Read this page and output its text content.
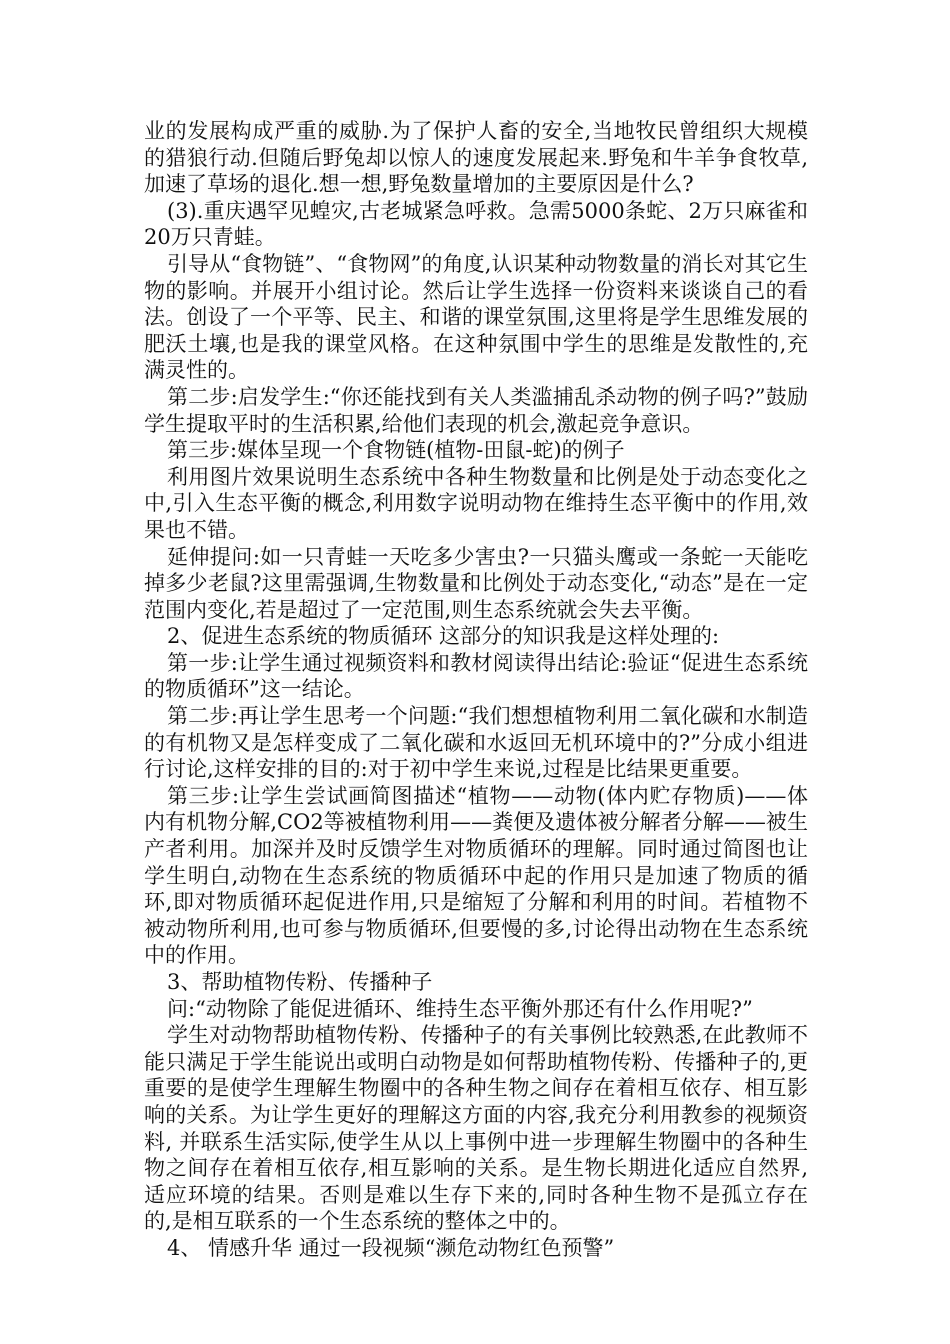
业的发展构成严重的威胁.为了保护人畜的安全,当地牧民曾组织大规模的猎狼行动.但随后野兔却以惊人的速度发展起来.野兔和牛羊争食牧草,加速了草场的退化.想一想,野兔数量增加的主要原因是什么?

(3).重庆遇罕见蝗灾,古老城紧急呼救。急需5000条蛇、2万只麻雀和20万只青蛙。

引导从“食物链”、“食物网”的角度,认识某种动物数量的消长对其它生物的影响。并展开小组讨论。然后让学生选择一份资料来谈谈自己的看法。创设了一个平等、民主、和谐的课堂氛围,这里将是学生思维发展的肥沃土壤,也是我的课堂风格。在这种氛围中学生的思维是发散性的,充满灵性的。

第二步:启发学生:“你还能找到有关人类滥捕乱杀动物的例子吗?”鼓励学生提取平时的生活积累,给他们表现的机会,激起竞争意识。

第三步:媒体呈现一个食物链(植物-田鼠-蛇)的例子

利用图片效果说明生态系统中各种生物数量和比例是处于动态变化之中,引入生态平衡的概念,利用数字说明动物在维持生态平衡中的作用,效果也不错。

延伸提问:如一只青蛙一天吃多少害虫?一只猫头鹰或一条蛇一天能吃掉多少老鼠?这里需强调,生物数量和比例处于动态变化,“动态”是在一定范围内变化,若是超过了一定范围,则生态系统就会失去平衡。

2、促进生态系统的物质循环 这部分的知识我是这样处理的:

第一步:让学生通过视频资料和教材阅读得出结论:验证“促进生态系统的物质循环”这一结论。

第二步:再让学生思考一个问题:“我们想想植物利用二氧化碳和水制造的有机物又是怎样变成了二氧化碳和水返回无机环境中的?”分成小组进行讨论,这样安排的目的:对于初中学生来说,过程是比结果更重要。

第三步:让学生尝试画简图描述“植物——动物(体内贮存物质)——体内有机物分解,CO2等被植物利用——粪便及遗体被分解者分解——被生产者利用。加深并及时反馈学生对物质循环的理解。同时通过简图也让学生明白,动物在生态系统的物质循环中起的作用只是加速了物质的循环,即对物质循环起促进作用,只是缩短了分解和利用的时间。若植物不被动物所利用,也可参与物质循环,但要慢的多,讨论得出动物在生态系统中的作用。

3、帮助植物传粉、传播种子

问:“动物除了能促进循环、维持生态平衡外那还有什么作用呢?”

学生对动物帮助植物传粉、传播种子的有关事例比较熟悉,在此教师不能只满足于学生能说出或明白动物是如何帮助植物传粉、传播种子的,更重要的是使学生理解生物圈中的各种生物之间存在着相互依存、相互影响的关系。为让学生更好的理解这方面的内容,我充分利用教参的视频资料, 并联系生活实际,使学生从以上事例中进一步理解生物圈中的各种生物之间存在着相互依存,相互影响的关系。是生物长期进化适应自然界,适应环境的结果。否则是难以生存下来的,同时各种生物不是孤立存在的,是相互联系的一个生态系统的整体之中的。

4、 情感升华 通过一段视频“濒危动物红色预警”
